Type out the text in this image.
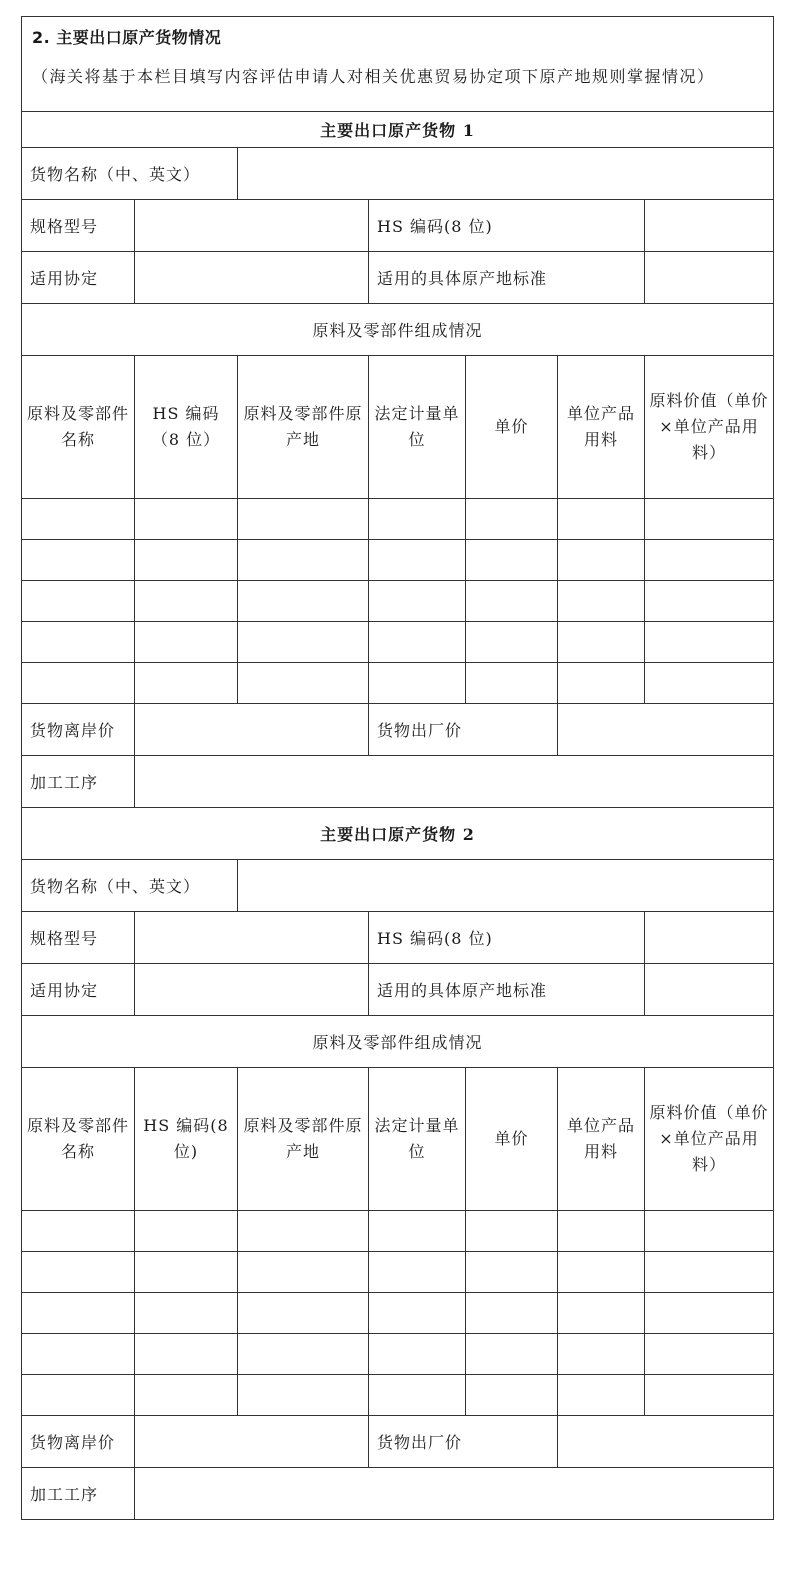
2. 主要出口原产货物情况
（海关将基于本栏目填写内容评估申请人对相关优惠贸易协定项下原产地规则掌握情况）						

主要出口原产货物 1						
货物名称（中、英文）						
规格型号			HS 编码(8 位)			
适用协定			适用的具体原产地标准			
原料及零部件组成情况						
原料及零部件名称	HS 编码（8 位）	原料及零部件原产地	法定计量单位	单价	单位产品用料	原料价值（单价×单位产品用料）

货物离岸价			货物出厂价			
加工工序						
主要出口原产货物 2						
货物名称（中、英文）						
规格型号			HS 编码(8 位)			
适用协定			适用的具体原产地标准			
原料及零部件组成情况						
原料及零部件名称	HS 编码(8 位)	原料及零部件原产地	法定计量单位	单价	单位产品用料	原料价值（单价×单位产品用料）

货物离岸价			货物出厂价			
加工工序						
